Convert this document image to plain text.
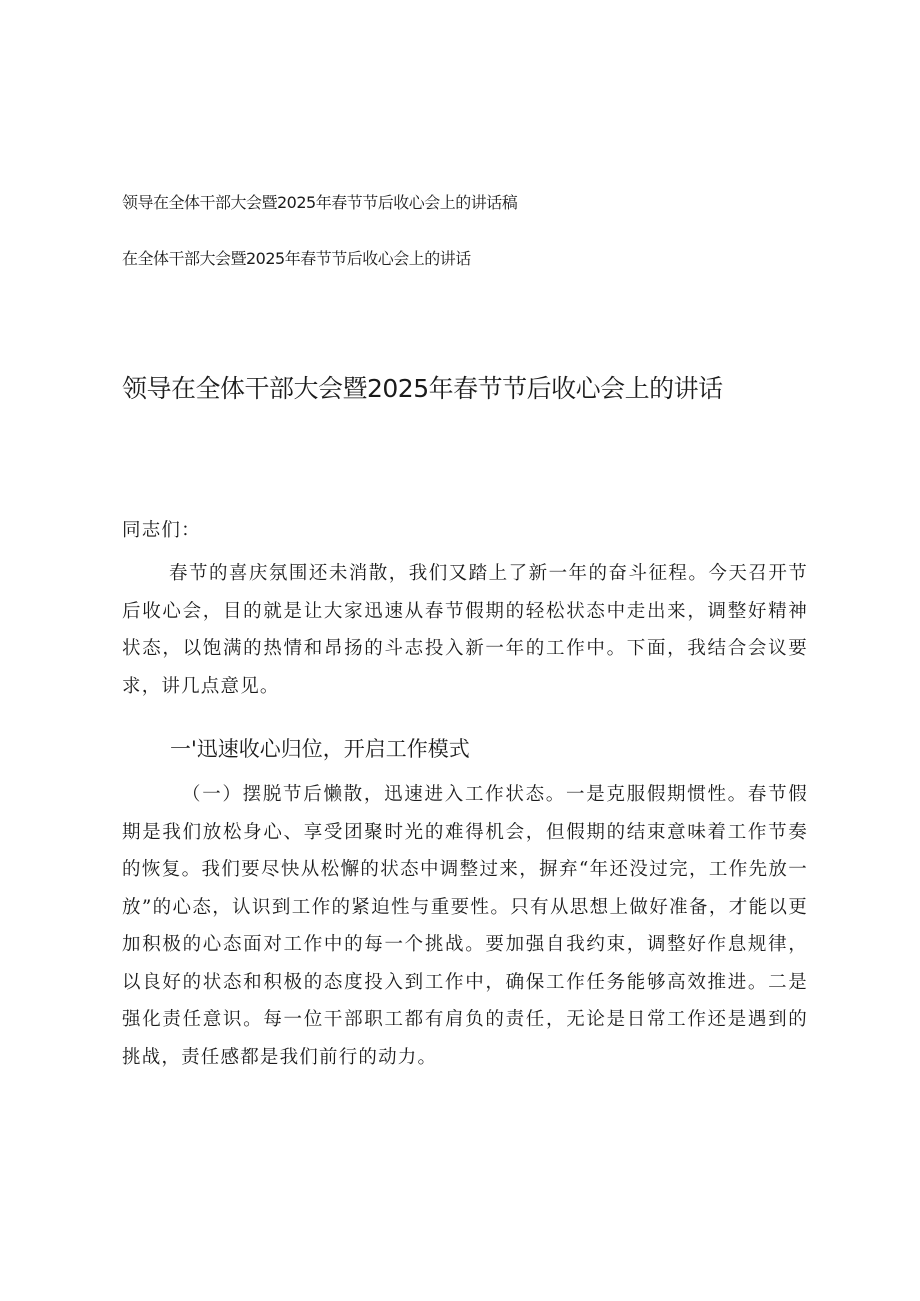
领导在全体干部大会暨2025年春节节后收心会上的讲话稿
在全体干部大会暨2025年春节节后收心会上的讲话
领导在全体干部大会暨2025年春节节后收心会上的讲话

同志们：

春节的喜庆氛围还未消散，我们又踏上了新一年的奋斗征程。今天召开节后收心会，目的就是让大家迅速从春节假期的轻松状态中走出来，调整好精神状态，以饱满的热情和昂扬的斗志投入新一年的工作中。下面，我结合会议要求，讲几点意见。

一'迅速收心归位，开启工作模式

（一）摆脱节后懒散，迅速进入工作状态。一是克服假期惯性。春节假期是我们放松身心、享受团聚时光的难得机会，但假期的结束意味着工作节奏的恢复。我们要尽快从松懈的状态中调整过来，摒弃“年还没过完，工作先放一放”的心态，认识到工作的紧迫性与重要性。只有从思想上做好准备，才能以更加积极的心态面对工作中的每一个挑战。要加强自我约束，调整好作息规律，以良好的状态和积极的态度投入到工作中，确保工作任务能够高效推进。二是强化责任意识。每一位干部职工都有肩负的责任，无论是日常工作还是遇到的挑战，责任感都是我们前行的动力。
